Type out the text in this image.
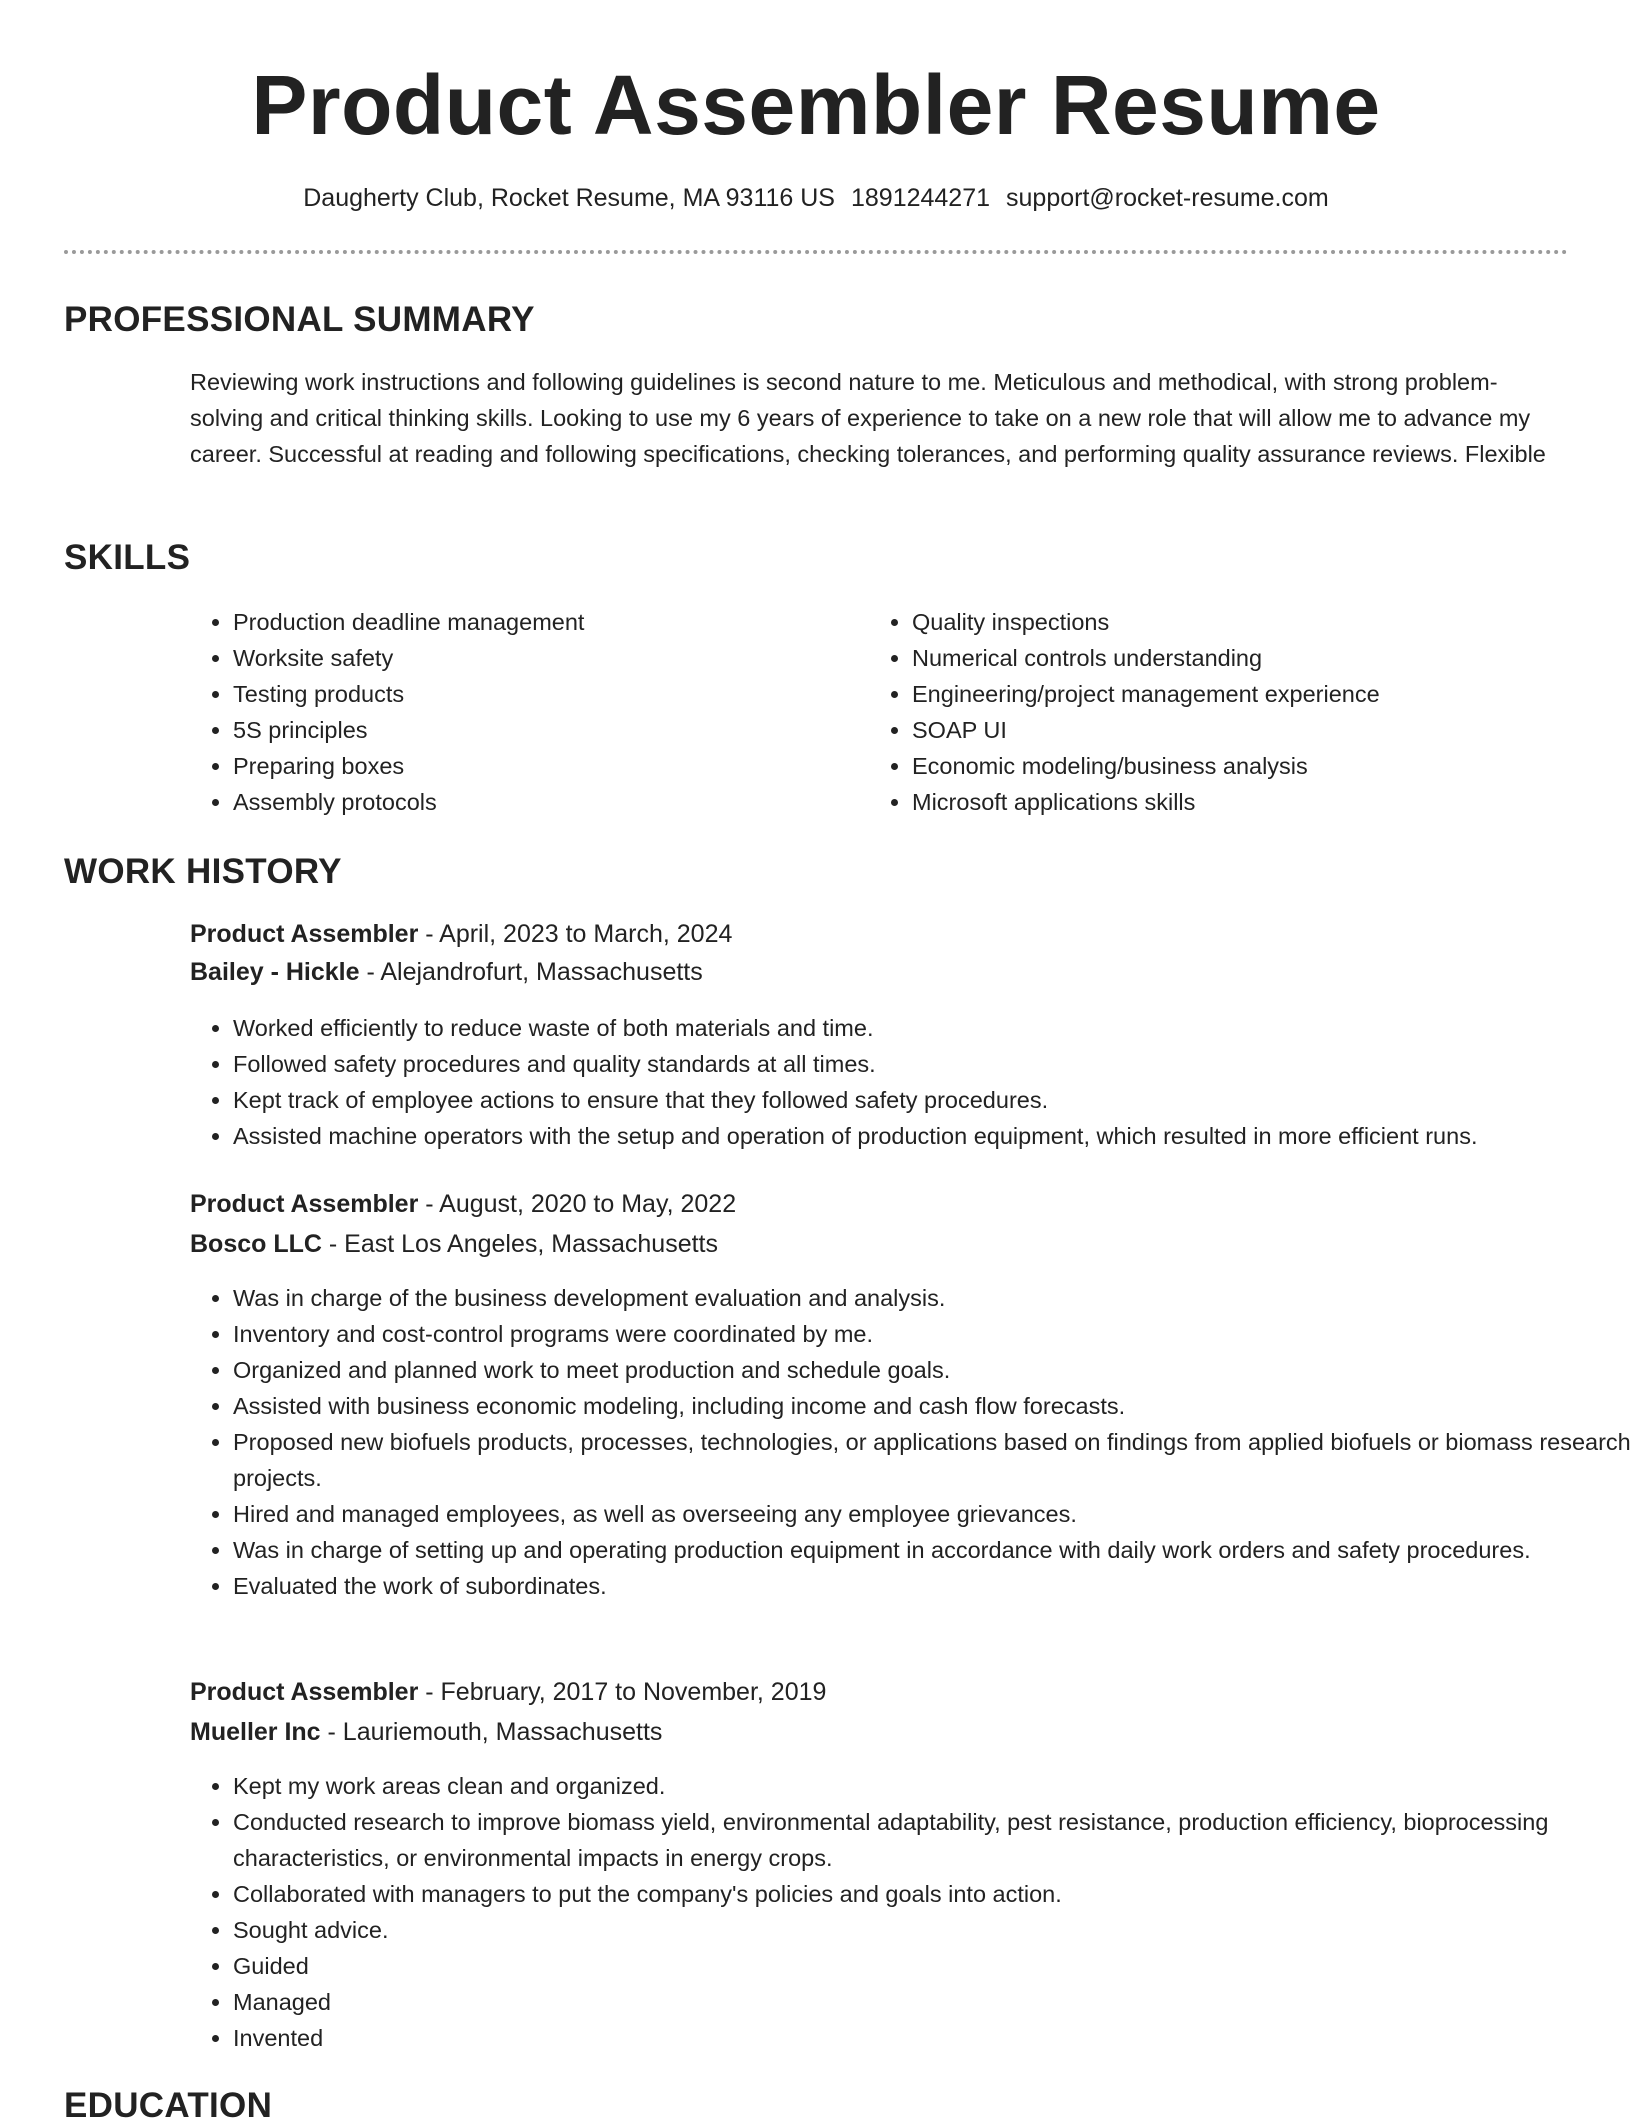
Product Assembler Resume
Daugherty Club, Rocket Resume, MA 93116 US 1891244271 support@rocket-resume.com
PROFESSIONAL SUMMARY

Reviewing work instructions and following guidelines is second nature to me. Meticulous and methodical, with strong problem-solving and critical thinking skills. Looking to use my 6 years of experience to take on a new role that will allow me to advance my career. Successful at reading and following specifications, checking tolerances, and performing quality assurance reviews. Flexible

SKILLS
• Production deadline management
• Worksite safety
• Testing products
• 5S principles
• Preparing boxes
• Assembly protocols
• Quality inspections
• Numerical controls understanding
• Engineering/project management experience
• SOAP UI
• Economic modeling/business analysis
• Microsoft applications skills
WORK HISTORY
Product Assembler - April, 2023 to March, 2024
Bailey - Hickle - Alejandrofurt, Massachusetts
• Worked efficiently to reduce waste of both materials and time.
• Followed safety procedures and quality standards at all times.
• Kept track of employee actions to ensure that they followed safety procedures.
• Assisted machine operators with the setup and operation of production equipment, which resulted in more efficient runs.
Product Assembler - August, 2020 to May, 2022
Bosco LLC - East Los Angeles, Massachusetts
• Was in charge of the business development evaluation and analysis.
• Inventory and cost-control programs were coordinated by me.
• Organized and planned work to meet production and schedule goals.
• Assisted with business economic modeling, including income and cash flow forecasts.
• Proposed new biofuels products, processes, technologies, or applications based on findings from applied biofuels or biomass research projects.
• Hired and managed employees, as well as overseeing any employee grievances.
• Was in charge of setting up and operating production equipment in accordance with daily work orders and safety procedures.
• Evaluated the work of subordinates.
Product Assembler - February, 2017 to November, 2019
Mueller Inc - Lauriemouth, Massachusetts
• Kept my work areas clean and organized.
• Conducted research to improve biomass yield, environmental adaptability, pest resistance, production efficiency, bioprocessing characteristics, or environmental impacts in energy crops.
• Collaborated with managers to put the company's policies and goals into action.
• Sought advice.
• Guided
• Managed
• Invented
EDUCATION
